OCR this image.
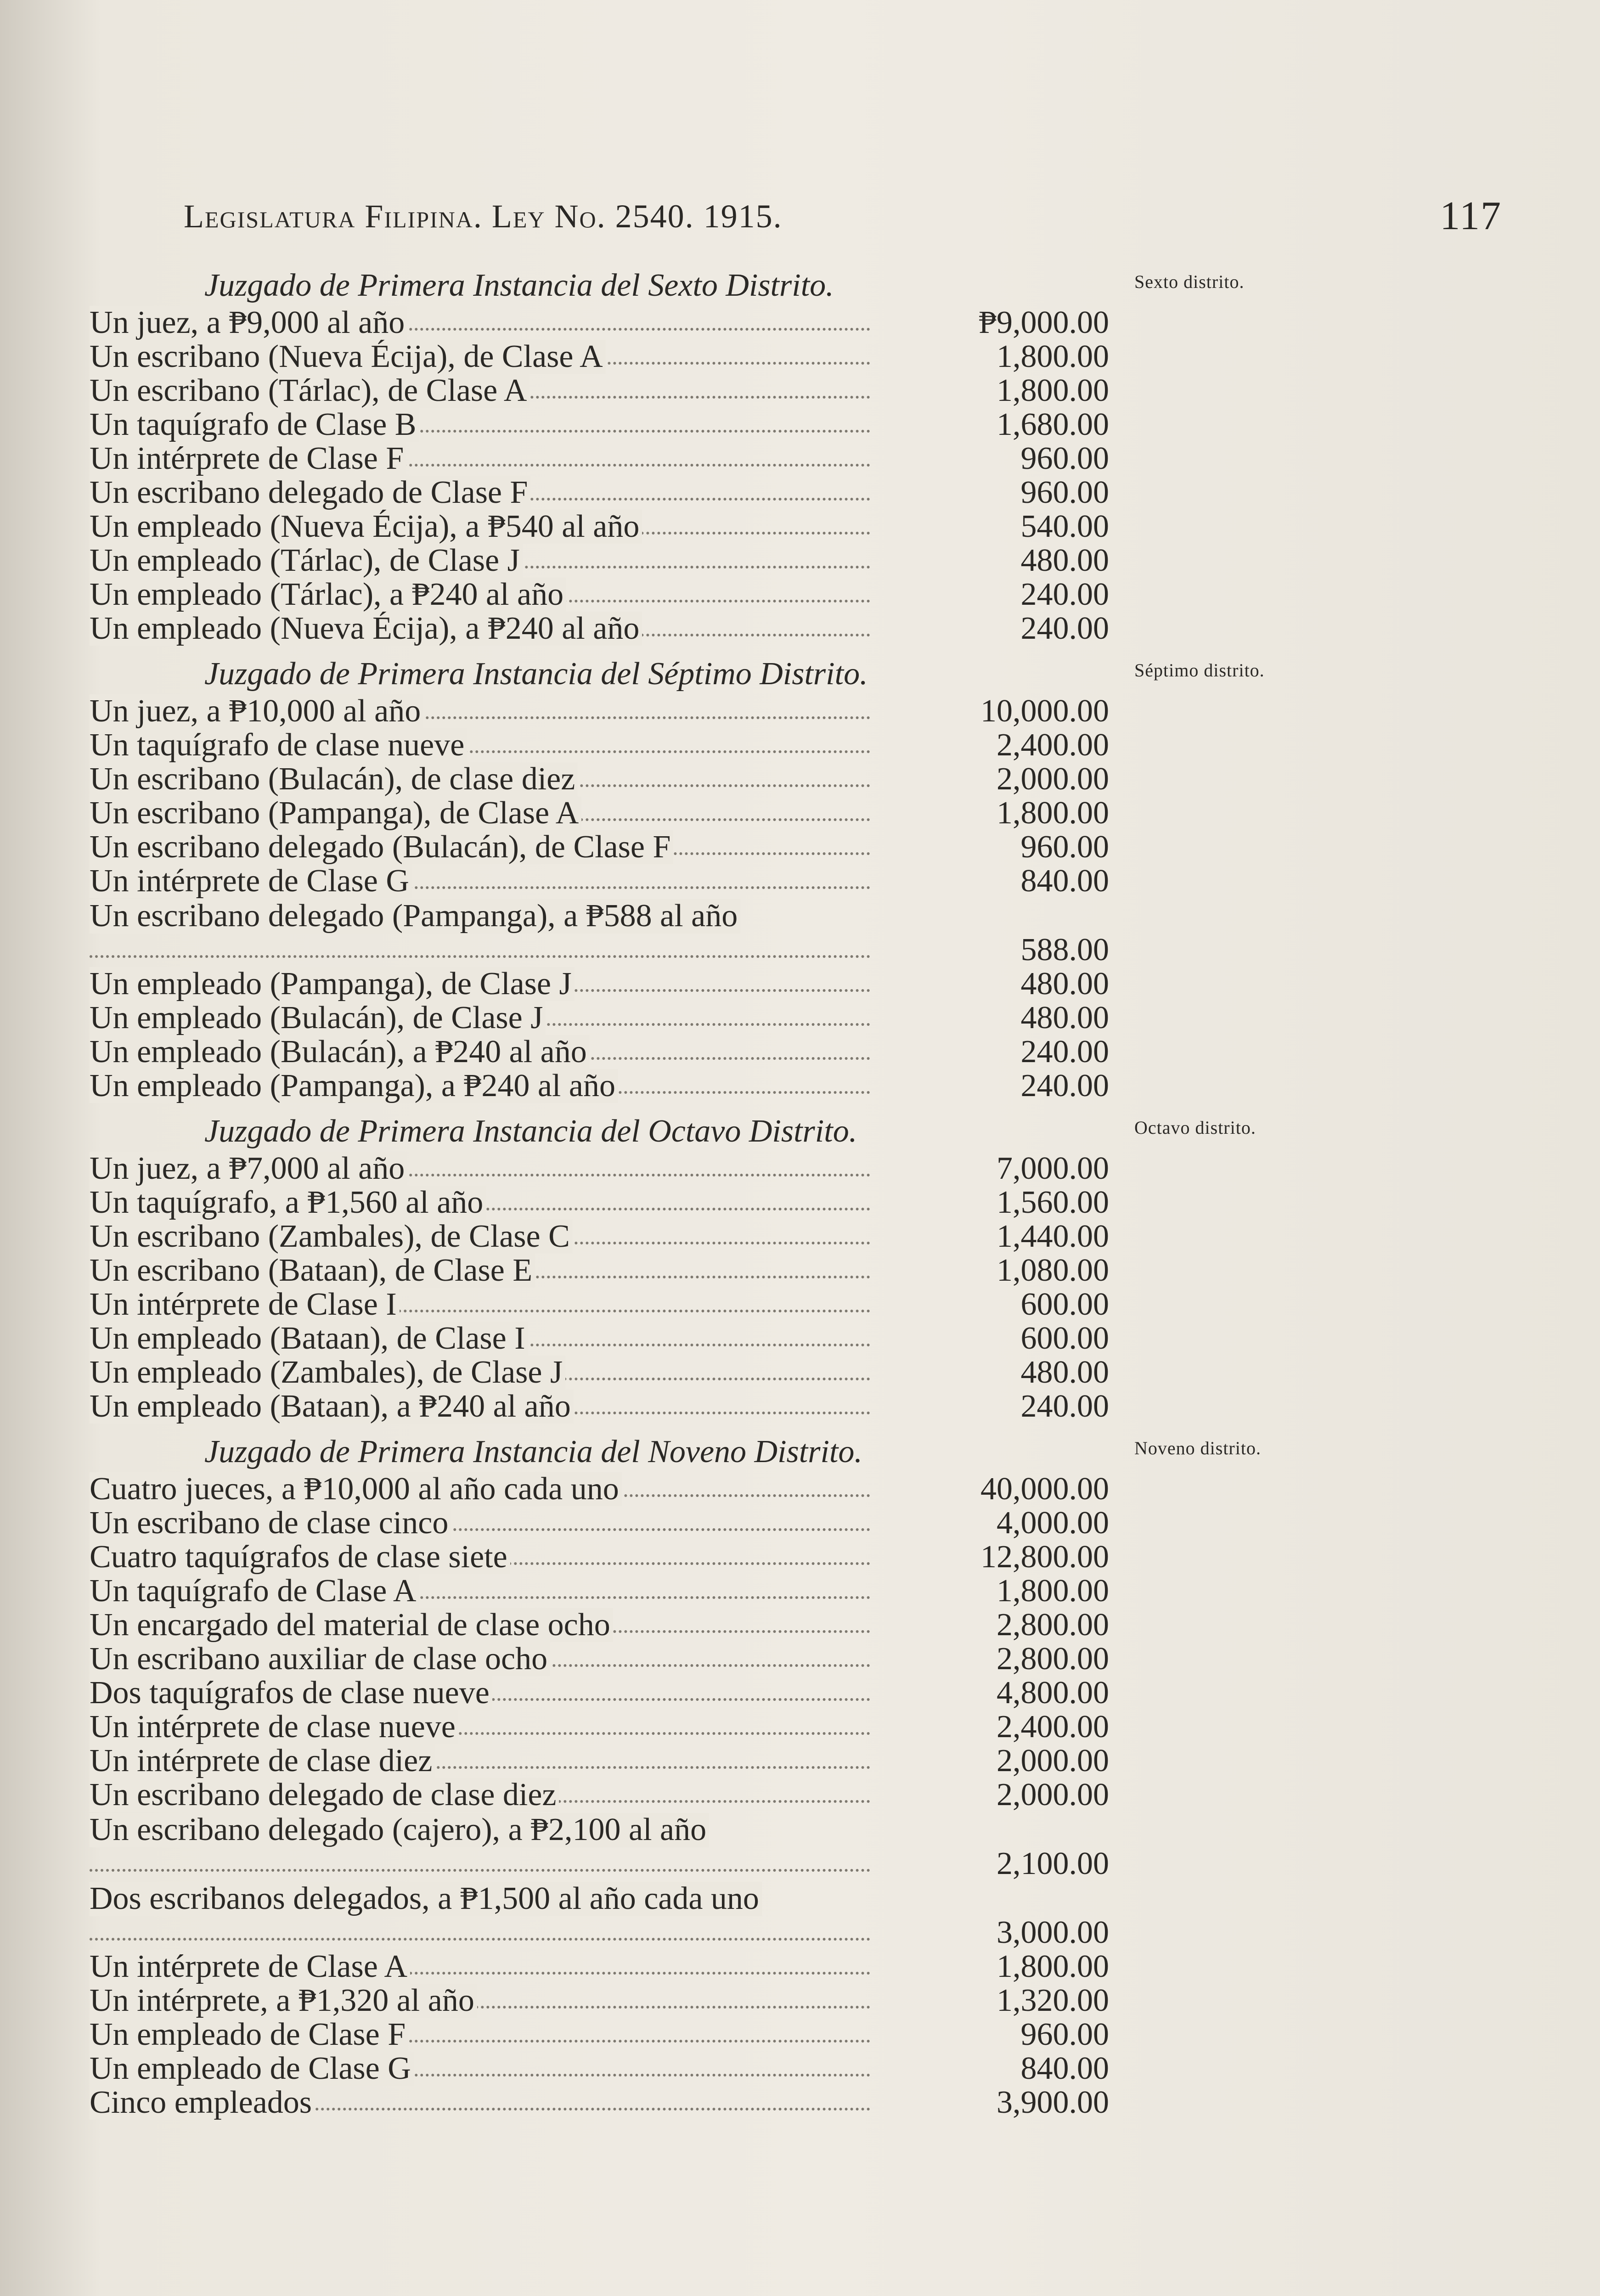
Legislatura Filipina. Ley No. 2540. 1915.	117
Juzgado de Primera Instancia del Sexto Distrito.
Un juez, a ₱9,000 al año	₱9,000.00
Un escribano (Nueva Écija), de Clase A	1,800.00
Un escribano (Tárlac), de Clase A	1,800.00
Un taquígrafo de Clase B	1,680.00
Un intérprete de Clase F	960.00
Un escribano delegado de Clase F	960.00
Un empleado (Nueva Écija), a ₱540 al año	540.00
Un empleado (Tárlac), de Clase J	480.00
Un empleado (Tárlac), a ₱240 al año	240.00
Un empleado (Nueva Écija), a ₱240 al año	240.00
Juzgado de Primera Instancia del Séptimo Distrito.
Un juez, a ₱10,000 al año	10,000.00
Un taquígrafo de clase nueve	2,400.00
Un escribano (Bulacán), de clase diez	2,000.00
Un escribano (Pampanga), de Clase A	1,800.00
Un escribano delegado (Bulacán), de Clase F	960.00
Un intérprete de Clase G	840.00
Un escribano delegado (Pampanga), a ₱588 al año
588.00
Un empleado (Pampanga), de Clase J	480.00
Un empleado (Bulacán), de Clase J	480.00
Un empleado (Bulacán), a ₱240 al año	240.00
Un empleado (Pampanga), a ₱240 al año	240.00
Juzgado de Primera Instancia del Octavo Distrito.
Un juez, a ₱7,000 al año	7,000.00
Un taquígrafo, a ₱1,560 al año	1,560.00
Un escribano (Zambales), de Clase C	1,440.00
Un escribano (Bataan), de Clase E	1,080.00
Un intérprete de Clase I	600.00
Un empleado (Bataan), de Clase I	600.00
Un empleado (Zambales), de Clase J	480.00
Un empleado (Bataan), a ₱240 al año	240.00
Juzgado de Primera Instancia del Noveno Distrito.
Cuatro jueces, a ₱10,000 al año cada uno	40,000.00
Un escribano de clase cinco	4,000.00
Cuatro taquígrafos de clase siete	12,800.00
Un taquígrafo de Clase A	1,800.00
Un encargado del material de clase ocho	2,800.00
Un escribano auxiliar de clase ocho	2,800.00
Dos taquígrafos de clase nueve	4,800.00
Un intérprete de clase nueve	2,400.00
Un intérprete de clase diez	2,000.00
Un escribano delegado de clase diez	2,000.00
Un escribano delegado (cajero), a ₱2,100 al año
2,100.00
Dos escribanos delegados, a ₱1,500 al año cada uno
3,000.00
Un intérprete de Clase A	1,800.00
Un intérprete, a ₱1,320 al año	1,320.00
Un empleado de Clase F	960.00
Un empleado de Clase G	840.00
Cinco empleados	3,900.00
Sexto distrito.
Séptimo distrito.
Octavo distrito.
Noveno distrito.
